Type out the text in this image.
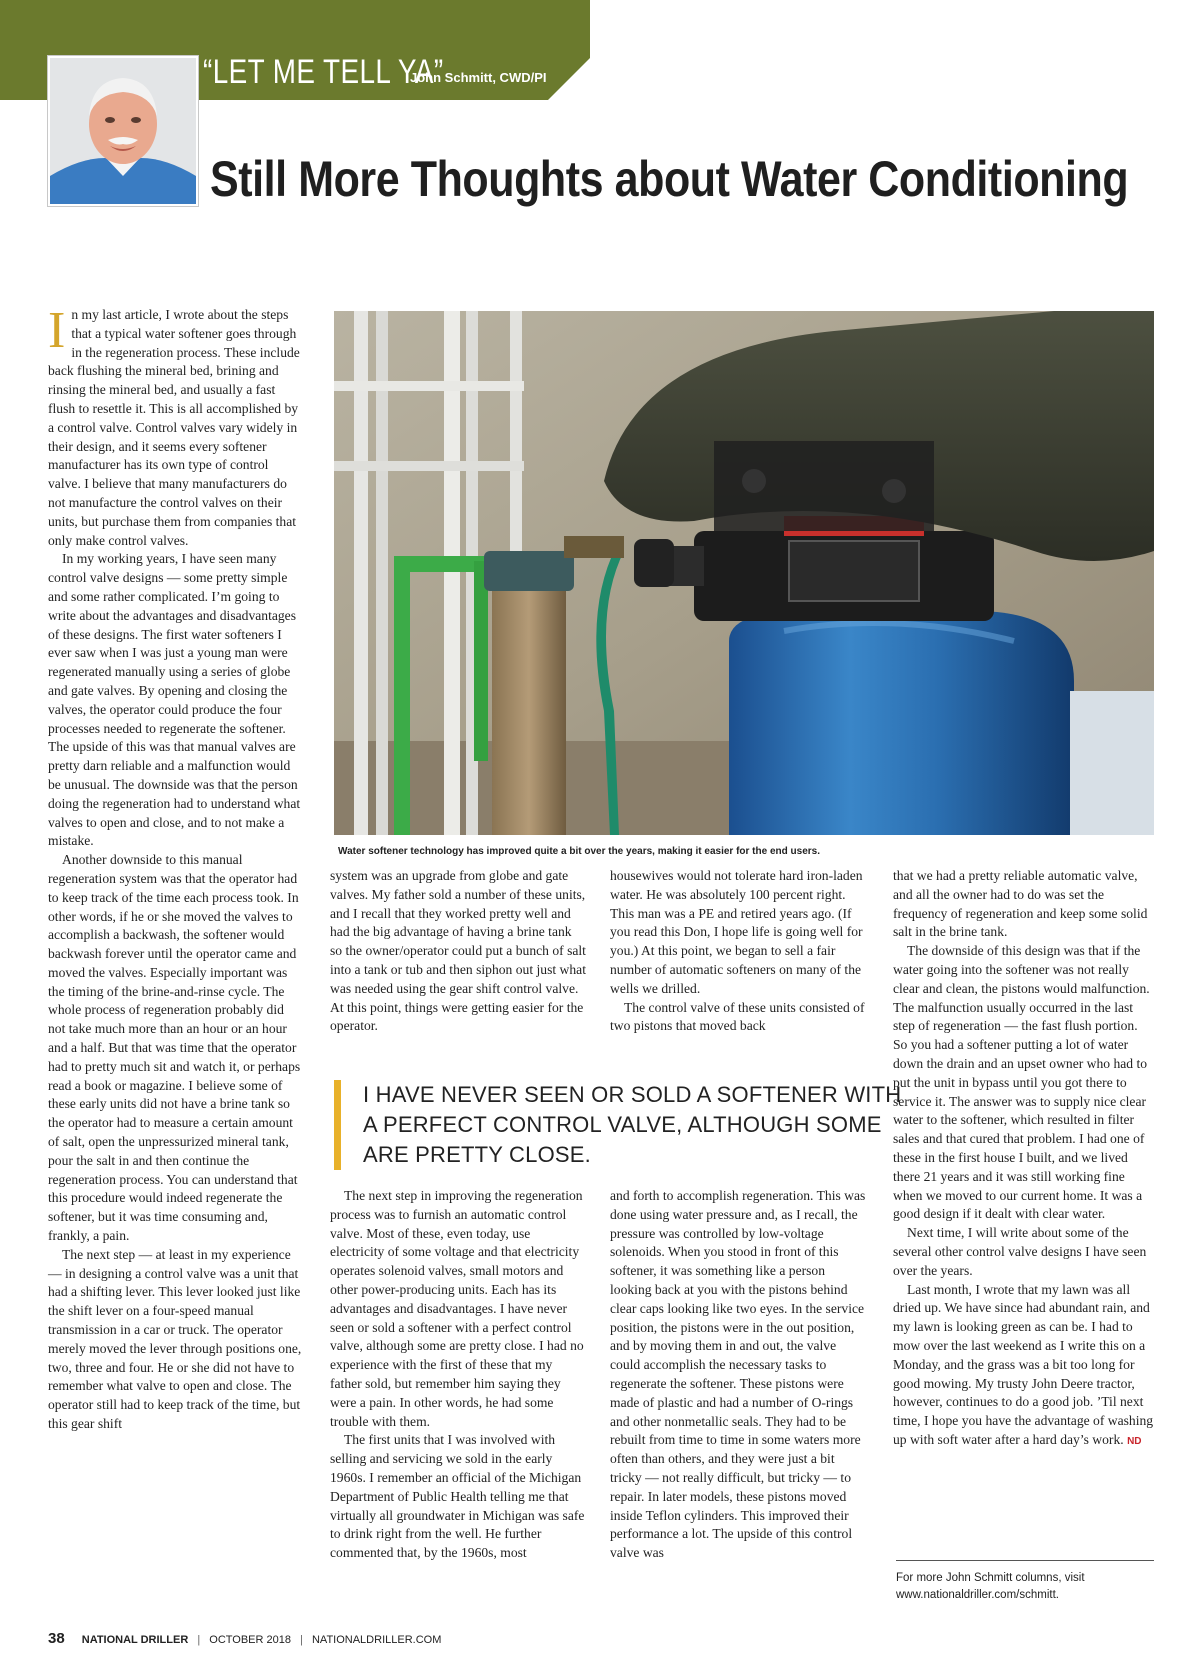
“LET ME TELL YA”
John Schmitt, CWD/PI
Still More Thoughts about Water Conditioning

In my last article, I wrote about the steps that a typical water softener goes through in the regeneration process. These include back flushing the mineral bed, brining and rinsing the mineral bed, and usually a fast flush to resettle it. This is all accomplished by a control valve. Control valves vary widely in their design, and it seems every softener manufacturer has its own type of control valve. I believe that many manufacturers do not manufacture the control valves on their units, but purchase them from companies that only make control valves.

In my working years, I have seen many control valve designs — some pretty simple and some rather complicated. I’m going to write about the advantages and disadvantages of these designs. The first water softeners I ever saw when I was just a young man were regenerated manually using a series of globe and gate valves. By opening and closing the valves, the operator could produce the four processes needed to regenerate the softener. The upside of this was that manual valves are pretty darn reliable and a malfunction would be unusual. The downside was that the person doing the regeneration had to understand what valves to open and close, and to not make a mistake.

Another downside to this manual regeneration system was that the operator had to keep track of the time each process took. In other words, if he or she moved the valves to accomplish a backwash, the softener would backwash forever until the operator came and moved the valves. Especially important was the timing of the brine-and-rinse cycle. The whole process of regeneration probably did not take much more than an hour or an hour and a half. But that was time that the operator had to pretty much sit and watch it, or perhaps read a book or magazine. I believe some of these early units did not have a brine tank so the operator had to measure a certain amount of salt, open the unpressurized mineral tank, pour the salt in and then continue the regeneration process. You can understand that this procedure would indeed regenerate the softener, but it was time consuming and, frankly, a pain.

The next step — at least in my experience — in designing a control valve was a unit that had a shifting lever. This lever looked just like the shift lever on a four-speed manual transmission in a car or truck. The operator merely moved the lever through positions one, two, three and four. He or she did not have to remember what valve to open and close. The operator still had to keep track of the time, but this gear shift

Water softener technology has improved quite a bit over the years, making it easier for the end users.

system was an upgrade from globe and gate valves. My father sold a number of these units, and I recall that they worked pretty well and had the big advantage of having a brine tank so the owner/operator could put a bunch of salt into a tank or tub and then siphon out just what was needed using the gear shift control valve. At this point, things were getting easier for the operator.

housewives would not tolerate hard iron-laden water. He was absolutely 100 percent right. This man was a PE and retired years ago. (If you read this Don, I hope life is going well for you.) At this point, we began to sell a fair number of automatic softeners on many of the wells we drilled.

The control valve of these units consisted of two pistons that moved back

I HAVE NEVER SEEN OR SOLD A SOFTENER WITH A PERFECT CONTROL VALVE, ALTHOUGH SOME ARE PRETTY CLOSE.

The next step in improving the regeneration process was to furnish an automatic control valve. Most of these, even today, use electricity of some voltage and that electricity operates solenoid valves, small motors and other power-producing units. Each has its advantages and disadvantages. I have never seen or sold a softener with a perfect control valve, although some are pretty close. I had no experience with the first of these that my father sold, but remember him saying they were a pain. In other words, he had some trouble with them.

The first units that I was involved with selling and servicing we sold in the early 1960s. I remember an official of the Michigan Department of Public Health telling me that virtually all groundwater in Michigan was safe to drink right from the well. He further commented that, by the 1960s, most

and forth to accomplish regeneration. This was done using water pressure and, as I recall, the pressure was controlled by low-voltage solenoids. When you stood in front of this softener, it was something like a person looking back at you with the pistons behind clear caps looking like two eyes. In the service position, the pistons were in the out position, and by moving them in and out, the valve could accomplish the necessary tasks to regenerate the softener. These pistons were made of plastic and had a number of O-rings and other nonmetallic seals. They had to be rebuilt from time to time in some waters more often than others, and they were just a bit tricky — not really difficult, but tricky — to repair. In later models, these pistons moved inside Teflon cylinders. This improved their performance a lot. The upside of this control valve was

that we had a pretty reliable automatic valve, and all the owner had to do was set the frequency of regeneration and keep some solid salt in the brine tank.

The downside of this design was that if the water going into the softener was not really clear and clean, the pistons would malfunction. The malfunction usually occurred in the last step of regeneration — the fast flush portion. So you had a softener putting a lot of water down the drain and an upset owner who had to put the unit in bypass until you got there to service it. The answer was to supply nice clear water to the softener, which resulted in filter sales and that cured that problem. I had one of these in the first house I built, and we lived there 21 years and it was still working fine when we moved to our current home. It was a good design if it dealt with clear water.

Next time, I will write about some of the several other control valve designs I have seen over the years.

Last month, I wrote that my lawn was all dried up. We have since had abundant rain, and my lawn is looking green as can be. I had to mow over the last weekend as I write this on a Monday, and the grass was a bit too long for good mowing. My trusty John Deere tractor, however, continues to do a good job. ’Til next time, I hope you have the advantage of washing up with soft water after a hard day’s work. ND

For more John Schmitt columns, visit www.nationaldriller.com/schmitt.
38 NATIONAL DRILLER | OCTOBER 2018 | NATIONALDRILLER.COM
